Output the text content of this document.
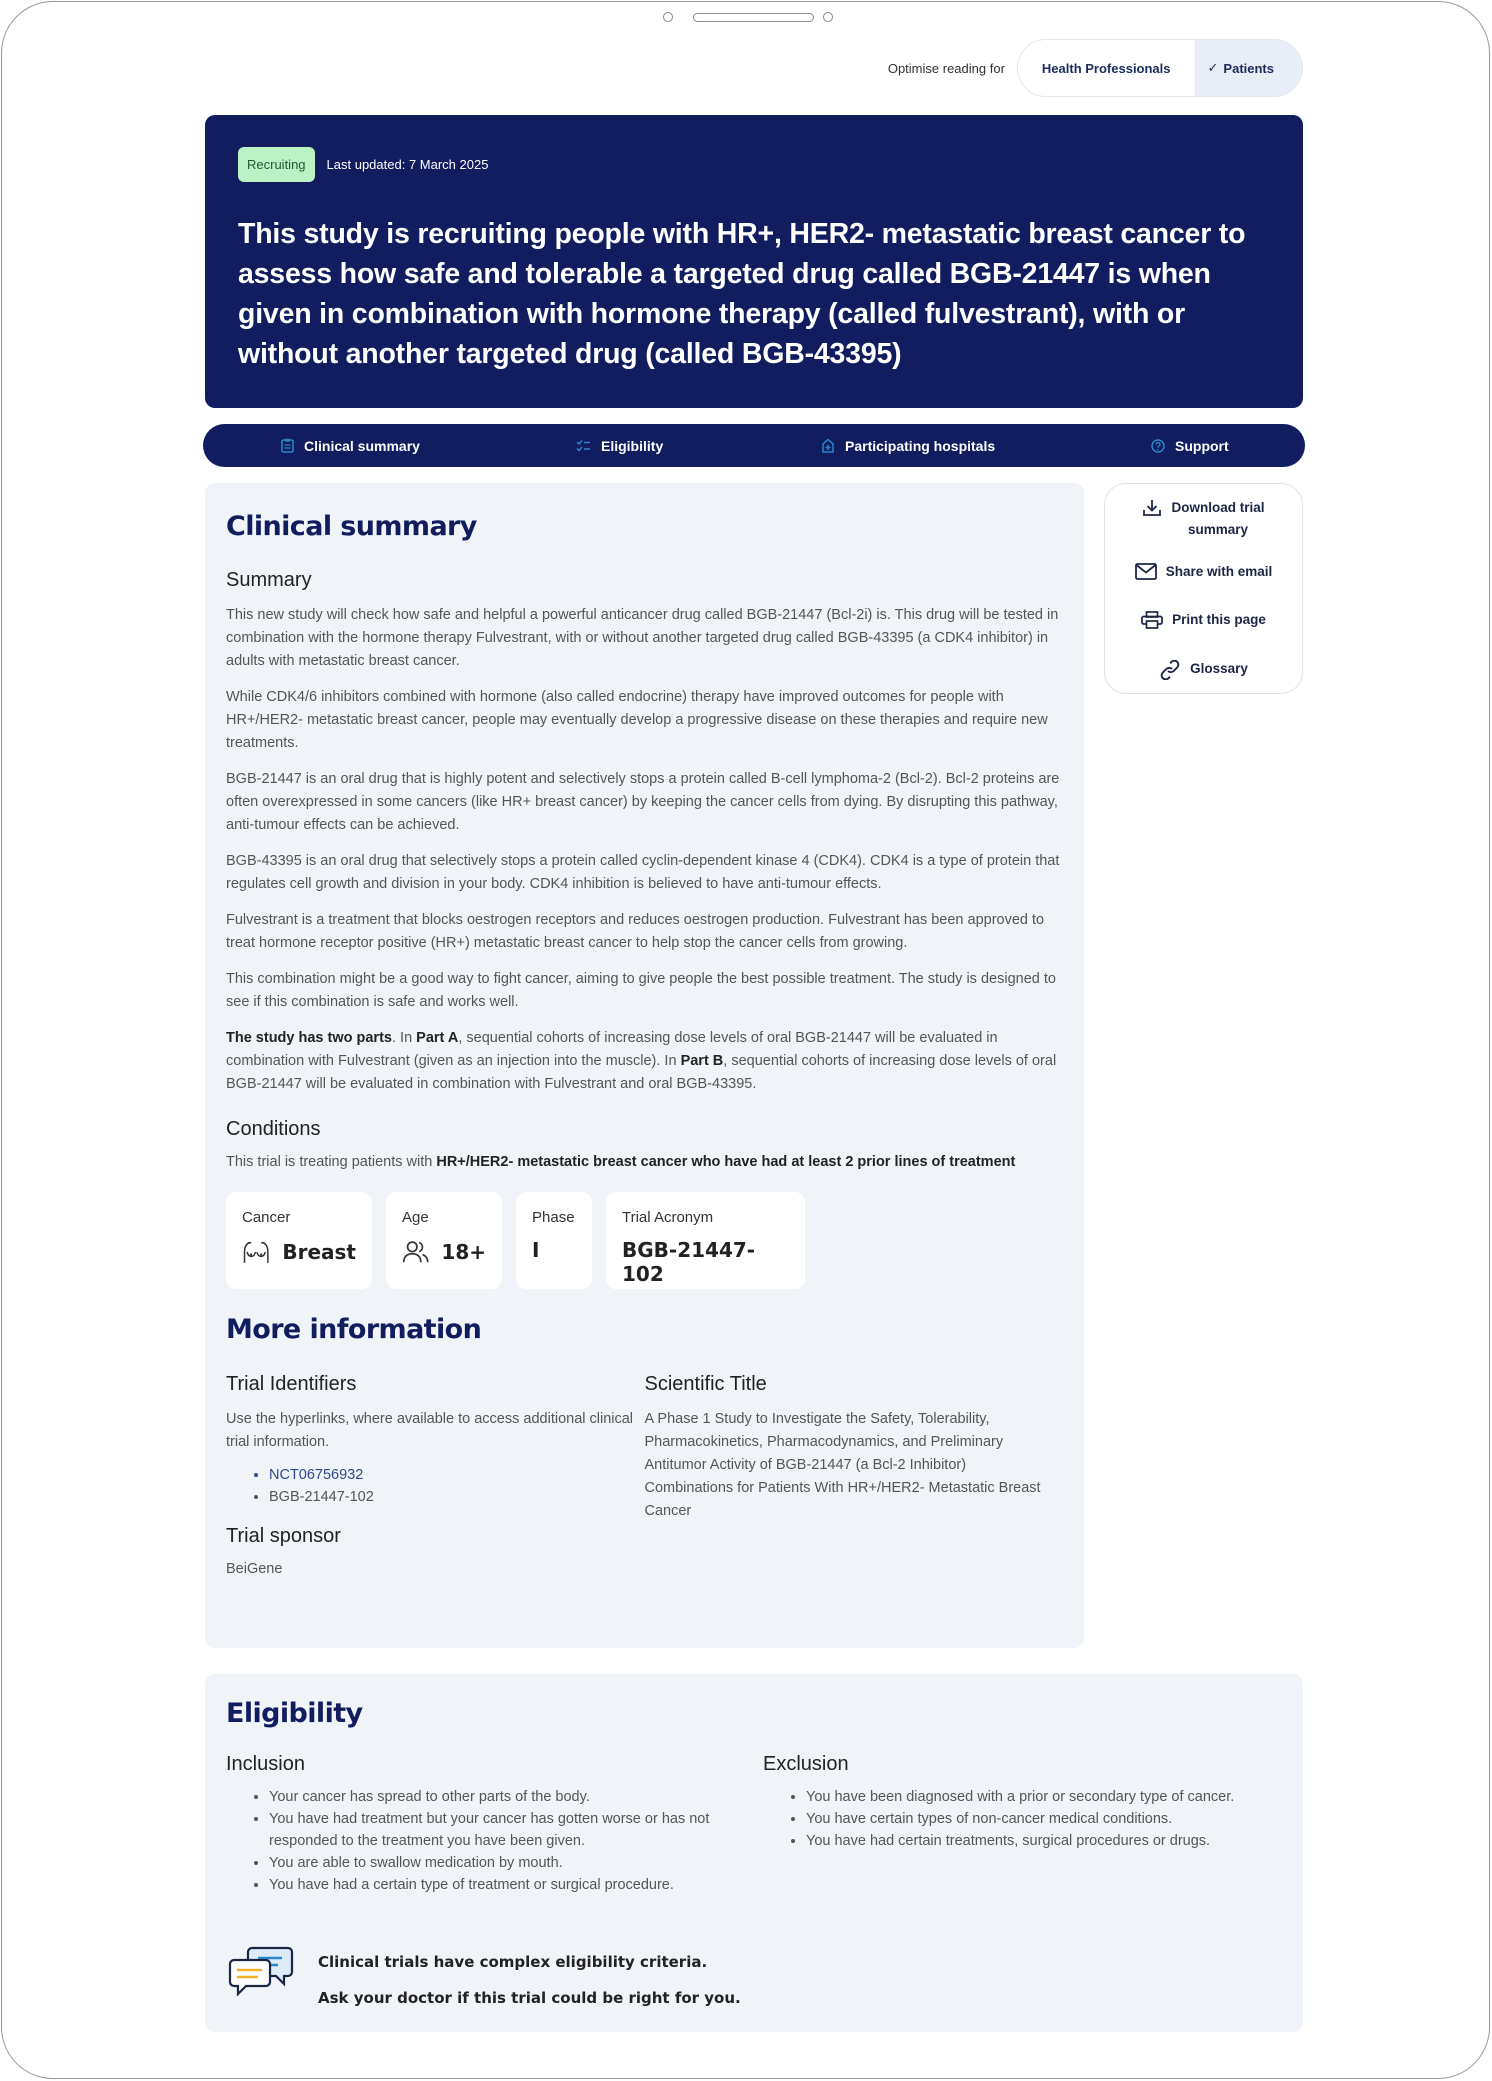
Optimise reading for	Health Professionals	✓ Patients
Recruiting	Last updated: 7 March 2025
This study is recruiting people with HR+, HER2- metastatic breast cancer to assess how safe and tolerable a targeted drug called BGB-21447 is when given in combination with hormone therapy (called fulvestrant), with or without another targeted drug (called BGB-43395)
Clinical summary	Eligibility	Participating hospitals	Support
Clinical summary
Summary

This new study will check how safe and helpful a powerful anticancer drug called BGB-21447 (Bcl-2i) is. This drug will be tested in combination with the hormone therapy Fulvestrant, with or without another targeted drug called BGB-43395 (a CDK4 inhibitor) in adults with metastatic breast cancer.

While CDK4/6 inhibitors combined with hormone (also called endocrine) therapy have improved outcomes for people with HR+/HER2- metastatic breast cancer, people may eventually develop a progressive disease on these therapies and require new treatments.

BGB-21447 is an oral drug that is highly potent and selectively stops a protein called B-cell lymphoma-2 (Bcl-2). Bcl-2 proteins are often overexpressed in some cancers (like HR+ breast cancer) by keeping the cancer cells from dying. By disrupting this pathway, anti-tumour effects can be achieved.

BGB-43395 is an oral drug that selectively stops a protein called cyclin-dependent kinase 4 (CDK4). CDK4 is a type of protein that regulates cell growth and division in your body. CDK4 inhibition is believed to have anti-tumour effects.

Fulvestrant is a treatment that blocks oestrogen receptors and reduces oestrogen production. Fulvestrant has been approved to treat hormone receptor positive (HR+) metastatic breast cancer to help stop the cancer cells from growing.

This combination might be a good way to fight cancer, aiming to give people the best possible treatment. The study is designed to see if this combination is safe and works well.

The study has two parts. In Part A, sequential cohorts of increasing dose levels of oral BGB-21447 will be evaluated in combination with Fulvestrant (given as an injection into the muscle). In Part B, sequential cohorts of increasing dose levels of oral BGB-21447 will be evaluated in combination with Fulvestrant and oral BGB-43395.

Conditions

This trial is treating patients with HR+/HER2- metastatic breast cancer who have had at least 2 prior lines of treatment

Cancer
Breast
Age
18+
Phase
I
Trial Acronym
BGB-21447-102
More information
Trial Identifiers

Use the hyperlinks, where available to access additional clinical trial information.

• NCT06756932
• BGB-21447-102
Trial sponsor

BeiGene

Scientific Title

A Phase 1 Study to Investigate the Safety, Tolerability, Pharmacokinetics, Pharmacodynamics, and Preliminary Antitumor Activity of BGB-21447 (a Bcl-2 Inhibitor) Combinations for Patients With HR+/HER2- Metastatic Breast Cancer

Download trial
summary
Share with email
Print this page
Glossary
Eligibility
Inclusion
• Your cancer has spread to other parts of the body.
• You have had treatment but your cancer has gotten worse or has not responded to the treatment you have been given.
• You are able to swallow medication by mouth.
• You have had a certain type of treatment or surgical procedure.
Exclusion
• You have been diagnosed with a prior or secondary type of cancer.
• You have certain types of non-cancer medical conditions.
• You have had certain treatments, surgical procedures or drugs.
Clinical trials have complex eligibility criteria.
Ask your doctor if this trial could be right for you.
